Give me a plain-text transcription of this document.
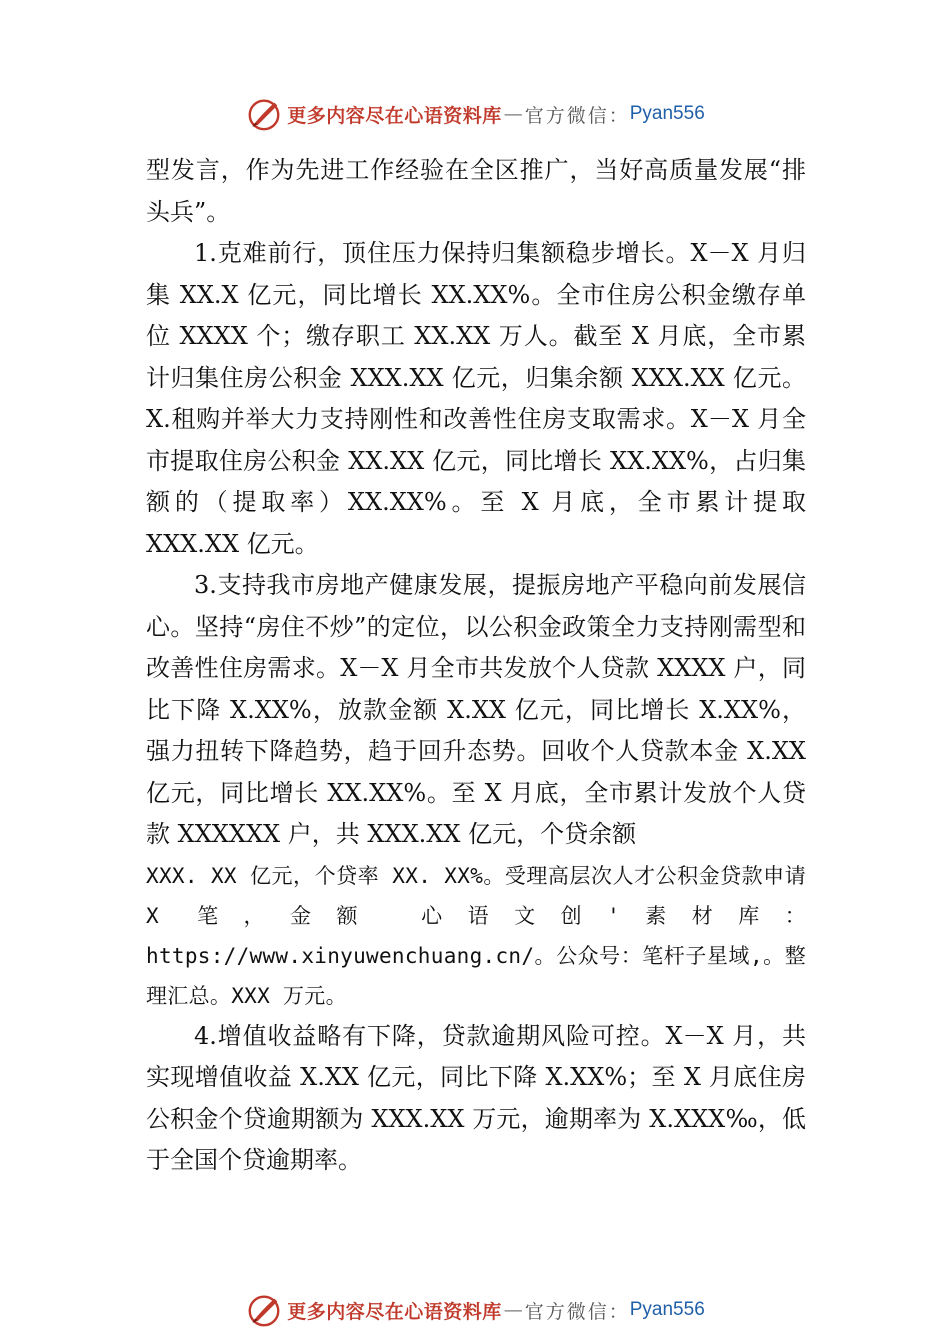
更多内容尽在心语资料库 — 官方微信： Pyan556

型发言，作为先进工作经验在全区推广，当好高质量发展“排头兵”。

1.克难前行，顶住压力保持归集额稳步增长。X－X 月归集 XX.X 亿元，同比增长 XX.XX%。全市住房公积金缴存单位 XXXX 个；缴存职工 XX.XX 万人。截至 X 月底，全市累计归集住房公积金 XXX.XX 亿元，归集余额 XXX.XX 亿元。X.租购并举大力支持刚性和改善性住房支取需求。X－X 月全市提取住房公积金 XX.XX 亿元，同比增长 XX.XX%，占归集额的（提取率）XX.XX%。至 X 月底，全市累计提取 XXX.XX 亿元。

3.支持我市房地产健康发展，提振房地产平稳向前发展信心。坚持“房住不炒”的定位，以公积金政策全力支持刚需型和改善性住房需求。X－X 月全市共发放个人贷款 XXXX 户，同比下降 X.XX%，放款金额 X.XX 亿元，同比增长 X.XX%，强力扭转下降趋势，趋于回升态势。回收个人贷款本金 X.XX 亿元，同比增长 XX.XX%。至 X 月底，全市累计发放个人贷款 XXXXXX 户，共 XXX.XX 亿元，个贷余额

XXX. XX 亿元，个贷率 XX. XX%。受理高层次人才公积金贷款申请 X 笔，金额 心语文创'素材库：https://www.xinyuwenchuang.cn/。公众号：笔杆子星域,。整理汇总。XXX 万元。

4.增值收益略有下降，贷款逾期风险可控。X－X 月，共实现增值收益 X.XX 亿元，同比下降 X.XX%；至 X 月底住房公积金个贷逾期额为 XXX.XX 万元，逾期率为 X.XXX‰，低于全国个贷逾期率。

更多内容尽在心语资料库 — 官方微信： Pyan556
